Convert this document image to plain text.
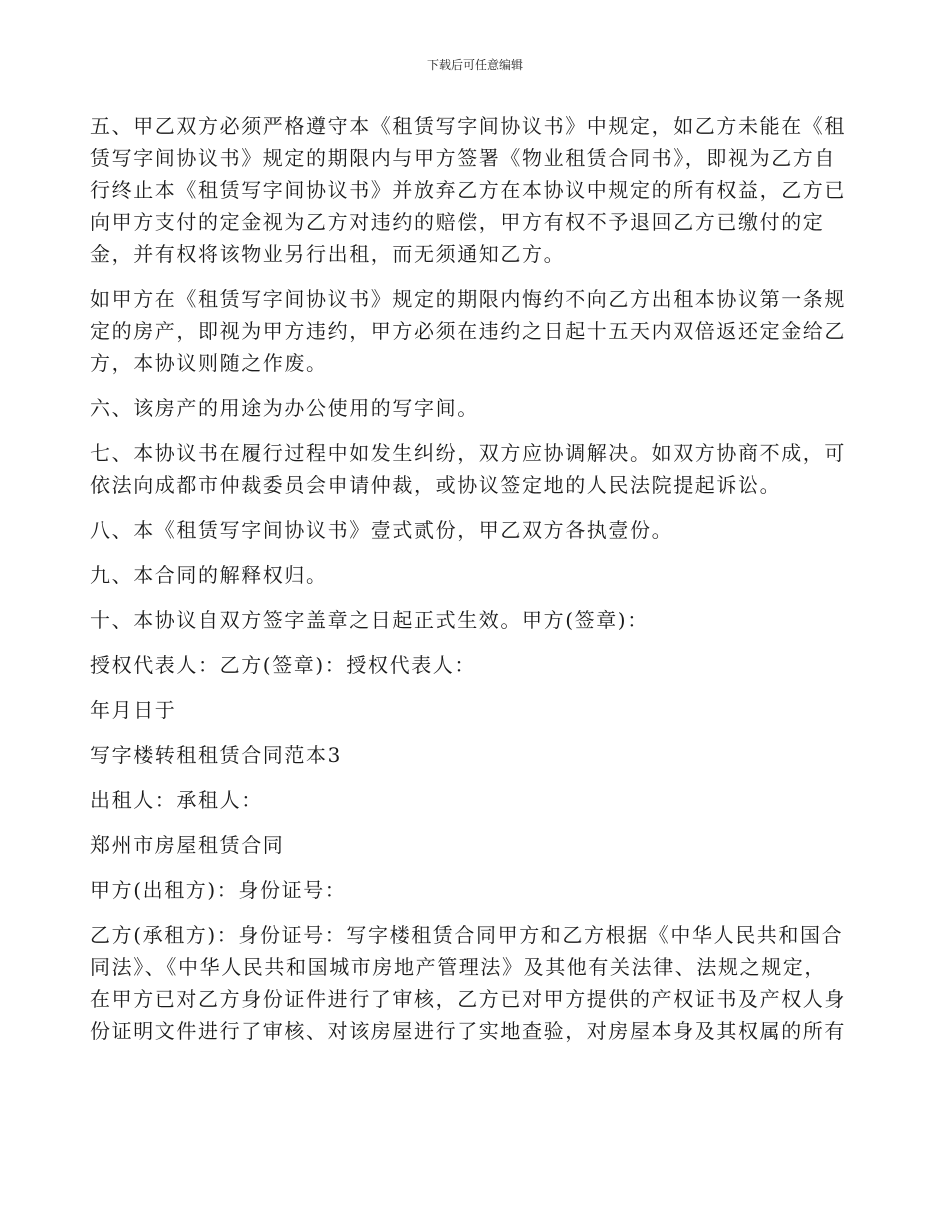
下载后可任意编辑

五、甲乙双方必须严格遵守本《租赁写字间协议书》中规定，如乙方未能在《租
赁写字间协议书》规定的期限内与甲方签署《物业租赁合同书》，即视为乙方自
行终止本《租赁写字间协议书》并放弃乙方在本协议中规定的所有权益，乙方已
向甲方支付的定金视为乙方对违约的赔偿，甲方有权不予退回乙方已缴付的定
金，并有权将该物业另行出租，而无须通知乙方。

如甲方在《租赁写字间协议书》规定的期限内悔约不向乙方出租本协议第一条规
定的房产，即视为甲方违约，甲方必须在违约之日起十五天内双倍返还定金给乙
方，本协议则随之作废。

六、该房产的用途为办公使用的写字间。

七、本协议书在履行过程中如发生纠纷，双方应协调解决。如双方协商不成，可
依法向成都市仲裁委员会申请仲裁，或协议签定地的人民法院提起诉讼。

八、本《租赁写字间协议书》壹式贰份，甲乙双方各执壹份。

九、本合同的解释权归。

十、本协议自双方签字盖章之日起正式生效。甲方(签章)：

授权代表人：乙方(签章)：授权代表人：

年月日于

写字楼转租租赁合同范本3

出租人：承租人：

郑州市房屋租赁合同

甲方(出租方)：身份证号：

乙方(承租方)：身份证号：写字楼租赁合同甲方和乙方根据《中华人民共和国合
同法》、《中华人民共和国城市房地产管理法》及其他有关法律、法规之规定，
在甲方已对乙方身份证件进行了审核，乙方已对甲方提供的产权证书及产权人身
份证明文件进行了审核、对该房屋进行了实地查验，对房屋本身及其权属的所有
